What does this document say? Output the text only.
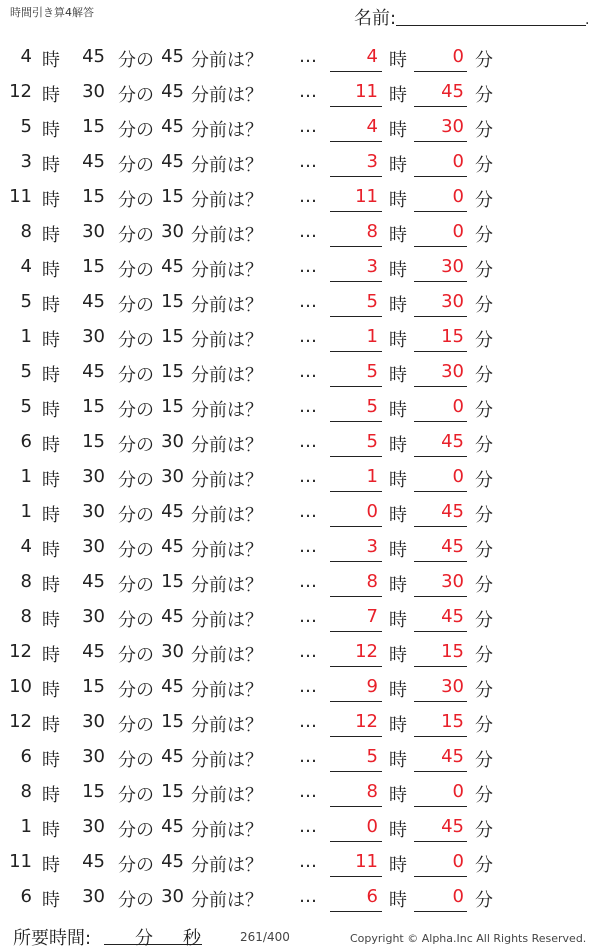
時間引き算4解答	名前:	.
4 時 45 分の 45 分前は？ …	4 時	0 分
12 時 30 分の 45 分前は？ … 11 時 45 分
5 時 15 分の 45 分前は？ …	4 時 30 分
3 時 45 分の 45 分前は？ …	3 時	0 分
11 時 15 分の 15 分前は？ … 11 時	0 分
8 時 30 分の 30 分前は？ …	8 時	0 分
4 時 15 分の 45 分前は？ …	3 時 30 分
5 時 45 分の 15 分前は？ …	5 時 30 分
1 時 30 分の 15 分前は？ …	1 時 15 分
5 時 45 分の 15 分前は？ …	5 時 30 分
5 時 15 分の 15 分前は？ …	5 時	0 分
6 時 15 分の 30 分前は？ …	5 時 45 分
1 時 30 分の 30 分前は？ …	1 時	0 分
1 時 30 分の 45 分前は？ …	0 時 45 分
4 時 30 分の 45 分前は？ …	3 時 45 分
8 時 45 分の 15 分前は？ …	8 時 30 分
8 時 30 分の 45 分前は？ …	7 時 45 分
12 時 45 分の 30 分前は？ … 12 時 15 分
10 時 15 分の 45 分前は？ …	9 時 30 分
12 時 30 分の 15 分前は？ … 12 時 15 分
6 時 30 分の 45 分前は？ …	5 時 45 分
8 時 15 分の 15 分前は？ …	8 時	0 分
1 時 30 分の 45 分前は？ …	0 時 45 分
11 時 45 分の 45 分前は？ … 11 時	0 分
6 時 30 分の 30 分前は？ …	6 時	0 分
所要時間: 分 秒	261/400	Copyright © Alpha.Inc All Rights Reserved.
